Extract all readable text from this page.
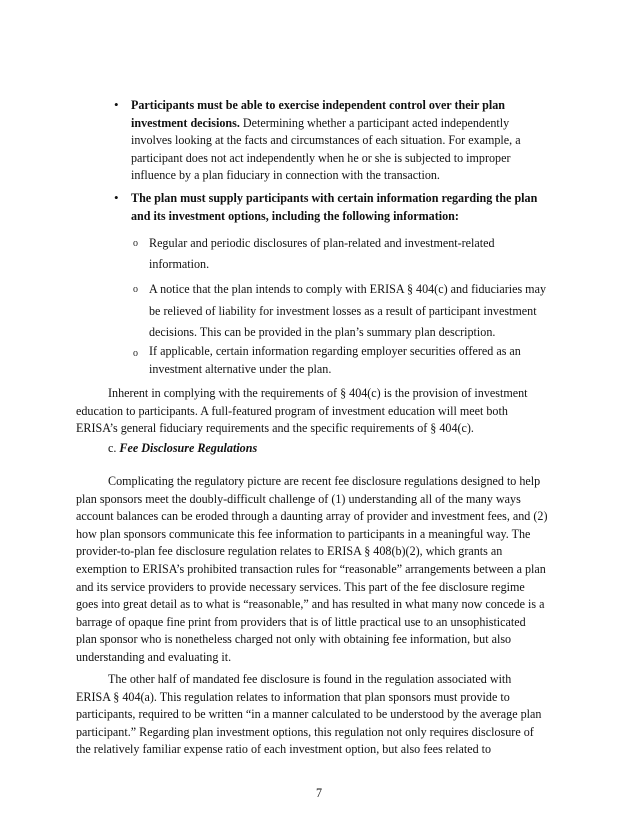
• Participants must be able to exercise independent control over their plan
investment decisions. Determining whether a participant acted independently
involves looking at the facts and circumstances of each situation. For example, a
participant does not act independently when he or she is subjected to improper
influence by a plan fiduciary in connection with the transaction.
• The plan must supply participants with certain information regarding the plan
and its investment options, including the following information:
o Regular and periodic disclosures of plan-related and investment-related
information.
o A notice that the plan intends to comply with ERISA § 404(c) and fiduciaries may
be relieved of liability for investment losses as a result of participant investment
decisions. This can be provided in the plan’s summary plan description.
o If applicable, certain information regarding employer securities offered as an
investment alternative under the plan.
Inherent in complying with the requirements of § 404(c) is the provision of investment
education to participants. A full-featured program of investment education will meet both
ERISA’s general fiduciary requirements and the specific requirements of § 404(c).
c. Fee Disclosure Regulations
Complicating the regulatory picture are recent fee disclosure regulations designed to help
plan sponsors meet the doubly-difficult challenge of (1) understanding all of the many ways
account balances can be eroded through a daunting array of provider and investment fees, and (2)
how plan sponsors communicate this fee information to participants in a meaningful way. The
provider-to-plan fee disclosure regulation relates to ERISA § 408(b)(2), which grants an
exemption to ERISA’s prohibited transaction rules for “reasonable” arrangements between a plan
and its service providers to provide necessary services. This part of the fee disclosure regime
goes into great detail as to what is “reasonable,” and has resulted in what many now concede is a
barrage of opaque fine print from providers that is of little practical use to an unsophisticated
plan sponsor who is nonetheless charged not only with obtaining fee information, but also
understanding and evaluating it.
The other half of mandated fee disclosure is found in the regulation associated with
ERISA § 404(a). This regulation relates to information that plan sponsors must provide to
participants, required to be written “in a manner calculated to be understood by the average plan
participant.” Regarding plan investment options, this regulation not only requires disclosure of
the relatively familiar expense ratio of each investment option, but also fees related to
7
